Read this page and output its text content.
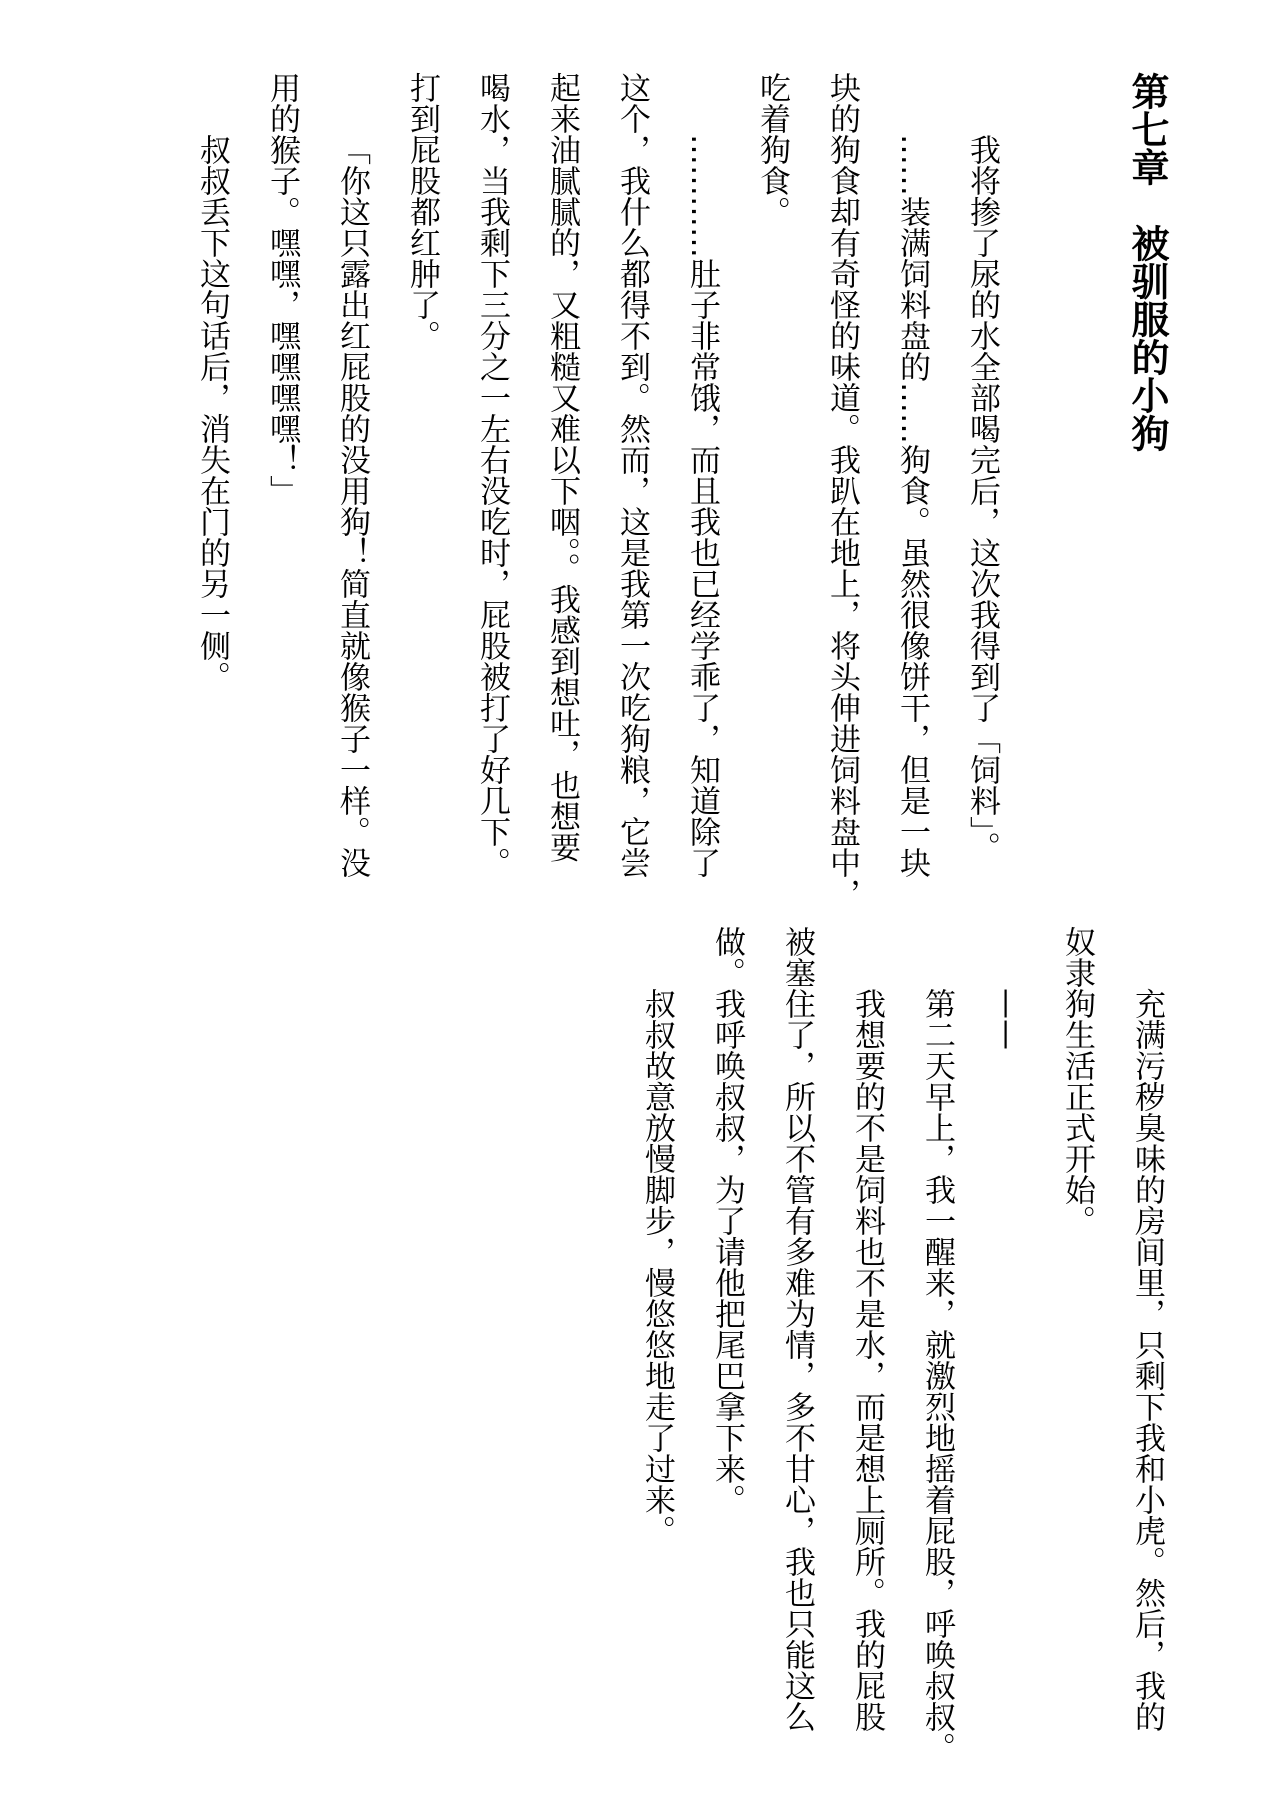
第七章　被驯服的小狗
我将掺了尿的水全部喝完后，这次我得到了「饲料」。
……装满饲料盘的……狗食。虽然很像饼干，但是一块
块的狗食却有奇怪的味道。我趴在地上，将头伸进饲料盘中，
吃着狗食。
…………肚子非常饿，而且我也已经学乖了，知道除了
这个，我什么都得不到。然而，这是我第一次吃狗粮，它尝
起来油腻腻的，又粗糙又难以下咽。。我感到想吐，也想要
喝水，当我剩下三分之一左右没吃时，屁股被打了好几下。
打到屁股都红肿了。
「你这只露出红屁股的没用狗！简直就像猴子一样。没
用的猴子。嘿嘿，嘿嘿嘿嘿！」
叔叔丢下这句话后，消失在门的另一侧。
充满污秽臭味的房间里，只剩下我和小虎。然后，我的
奴隶狗生活正式开始。
——
第二天早上，我一醒来，就激烈地摇着屁股，呼唤叔叔。
我想要的不是饲料也不是水，而是想上厕所。我的屁股
被塞住了，所以不管有多难为情，多不甘心，我也只能这么
做。我呼唤叔叔，为了请他把尾巴拿下来。
叔叔故意放慢脚步，慢悠悠地走了过来。
